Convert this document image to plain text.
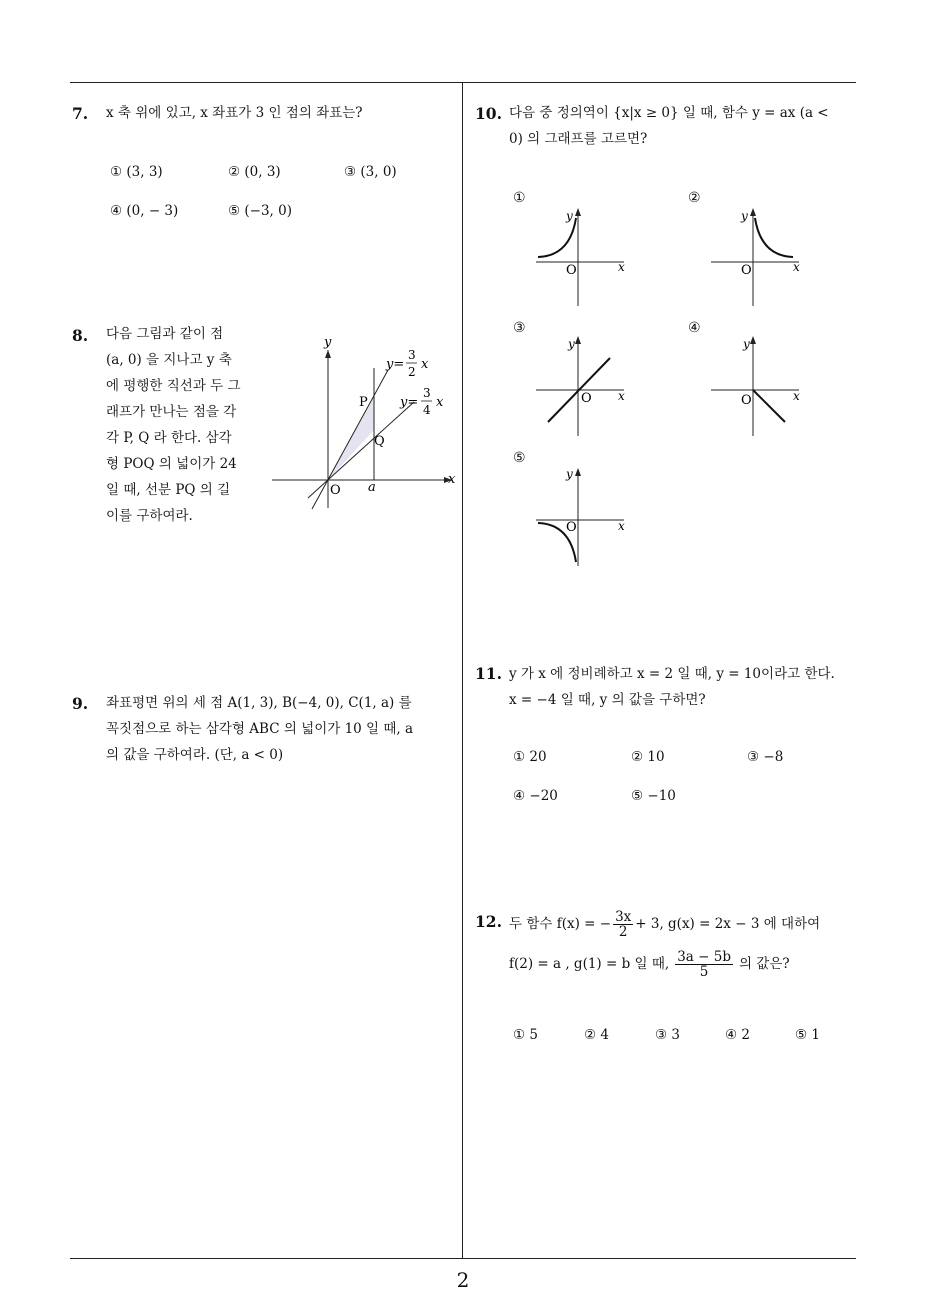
7. x 축 위에 있고, x 좌표가 3 인 점의 좌표는?
① (3, 3)	② (0, 3)	③ (3, 0)
④ (0, − 3)	⑤ (−3, 0)
8. 다음 그림과 같이 점
(a, 0) 을 지나고 y 축
에 평행한 직선과 두 그
래프가 만나는 점을 각
각 P, Q 라 한다. 삼각
형 POQ 의 넓이가 24
일 때, 선분 PQ 의 길
이를 구하여라.
y
x
O a
P
Q
y=
3
2 x
y=
3
4 x
9. 좌표평면 위의 세 점 A(1, 3), B(−4, 0), C(1, a) 를
꼭짓점으로 하는 삼각형 ABC 의 넓이가 10 일 때, a
의 값을 구하여라. (단, a < 0)
10. 다음 중 정의역이 {x|x ≥ 0} 일 때, 함수 y = ax (a <
0) 의 그래프를 고르면?
①
y
x
O
②
y
x
O
③
y
x
O
④
y
x
O
⑤
y
x
O
11. y 가 x 에 정비례하고 x = 2 일 때, y = 10이라고 한다.
x = −4 일 때, y 의 값을 구하면?
① 20	② 10	③ −8
④ −20	⑤ −10
12. 두 함수 f(x) = − $\frac{3x}{2} + 3$, g(x) = 2x − 3 에 대하여
f(2) = a , g(1) = b 일 때, $\frac{3a - 5b}{5}$ 의 값은?
① 5	② 4	③ 3	④ 2	⑤ 1
2
